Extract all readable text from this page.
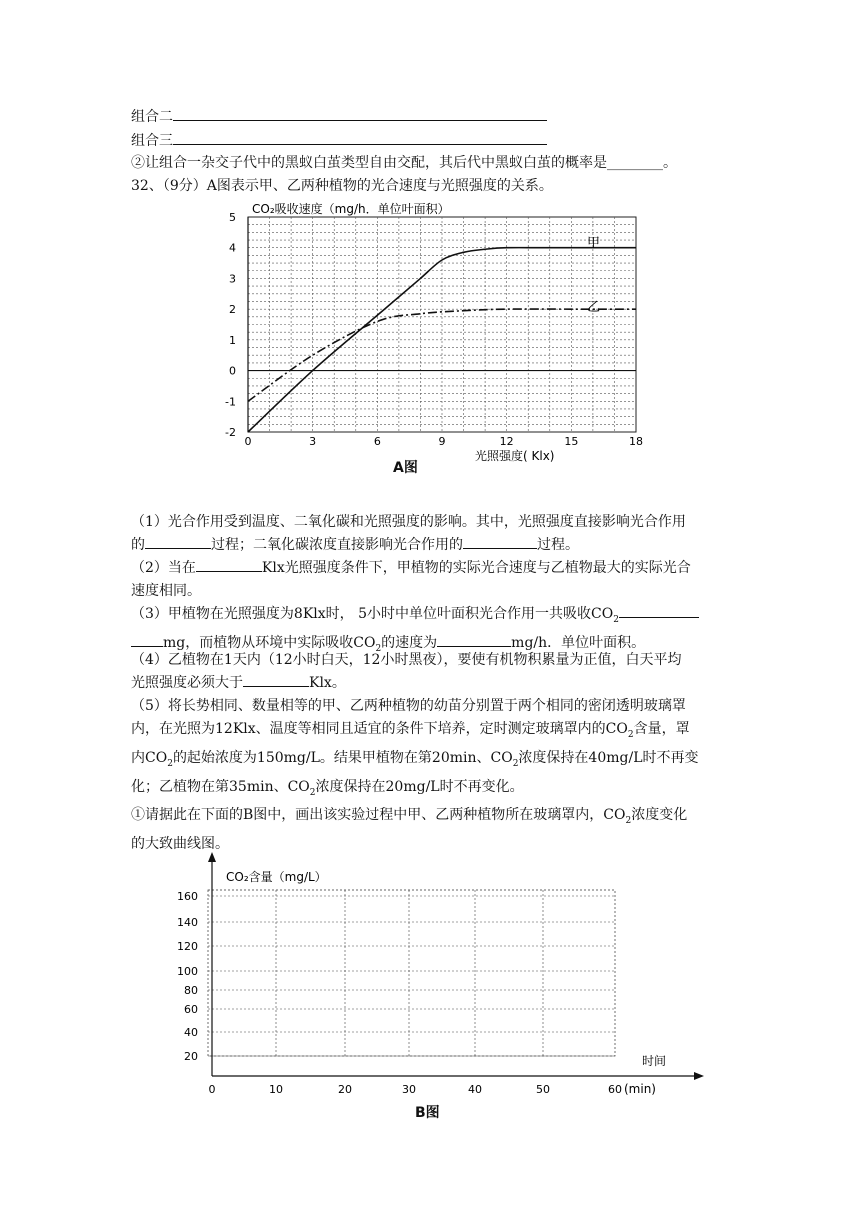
组合二
组合三
②让组合一杂交子代中的黑蚁白茧类型自由交配，其后代中黑蚁白茧的概率是________。
32、（9分）A图表示甲、乙两种植物的光合速度与光照强度的关系。
0	3	6	9	12	15	18
-2
-1
0
1
2
3
4
5
CO₂吸收速度（mg/h．单位叶面积）
光照强度( Klx)
甲
乙
A图
（1）光合作用受到温度、二氧化碳和光照强度的影响。其中，光照强度直接影响光合作用
的	过程；二氧化碳浓度直接影响光合作用的	过程。
（2）当在	Klx光照强度条件下，甲植物的实际光合速度与乙植物最大的实际光合
速度相同。
（3）甲植物在光照强度为8Klx时， 5小时中单位叶面积光合作用一共吸收$CO_2$
mg，而植物从环境中实际吸收$CO_2$的速度为	mg/h．单位叶面积。
（4）乙植物在1天内（12小时白天，12小时黑夜），要使有机物积累量为正值，白天平均
光照强度必须大于	Klx。
（5）将长势相同、数量相等的甲、乙两种植物的幼苗分别置于两个相同的密闭透明玻璃罩
内，在光照为12Klx、温度等相同且适宜的条件下培养，定时测定玻璃罩内的$CO_2$含量，罩
内$CO_2$的起始浓度为150mg/L。结果甲植物在第20min、$CO_2$浓度保持在40mg/L时不再变
化；乙植物在第35min、$CO_2$浓度保持在20mg/L时不再变化。
①请据此在下面的B图中，画出该实验过程中甲、乙两种植物所在玻璃罩内，$CO_2$浓度变化
的大致曲线图。
0	10	20	30	40	50	60
20
40
60
80
100
120
140
160
CO₂含量（mg/L）
时间
(min)
B图
